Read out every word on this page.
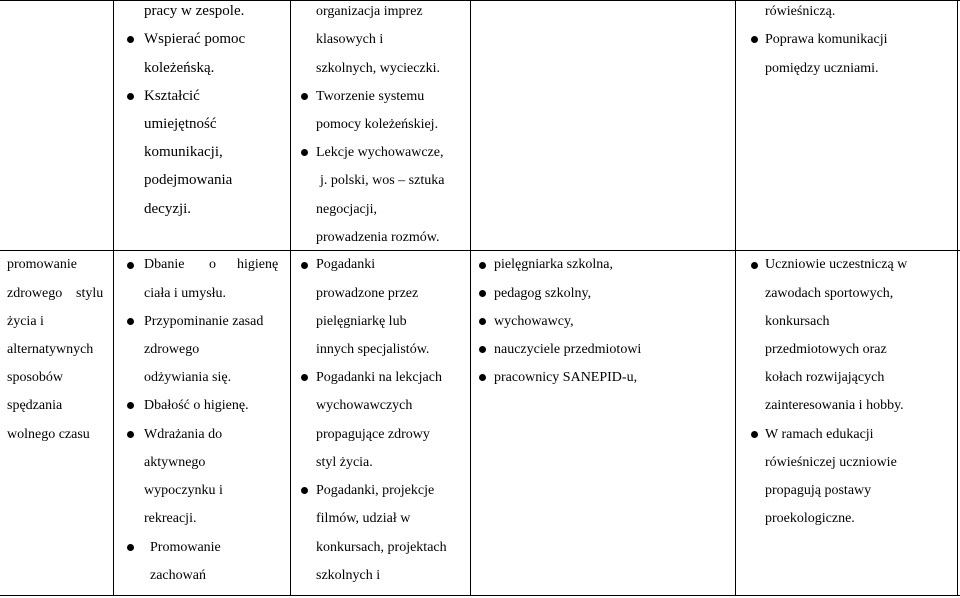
pracy w zespole.
Wspierać pomoc
koleżeńską.
Kształcić
umiejętność
komunikacji,
podejmowania
decyzji.
organizacja imprez
klasowych i
szkolnych, wycieczki.
Tworzenie systemu
pomocy koleżeńskiej.
Lekcje wychowawcze,
j. polski, wos – sztuka
negocjacji,
prowadzenia rozmów.
rówieśniczą.
Poprawa komunikacji
pomiędzy uczniami.
promowanie
zdrowego stylu
życia i
alternatywnych
sposobów
spędzania
wolnego czasu
Dbanie o higienę
ciała i umysłu.
Przypominanie zasad
zdrowego
odżywiania się.
Dbałość o higienę.
Wdrażania do
aktywnego
wypoczynku i
rekreacji.
Promowanie
zachowań
Pogadanki
prowadzone przez
pielęgniarkę lub
innych specjalistów.
Pogadanki na lekcjach
wychowawczych
propagujące zdrowy
styl życia.
Pogadanki, projekcje
filmów, udział w
konkursach, projektach
szkolnych i
pielęgniarka szkolna,
pedagog szkolny,
wychowawcy,
nauczyciele przedmiotowi
pracownicy SANEPID-u,
Uczniowie uczestniczą w
zawodach sportowych,
konkursach
przedmiotowych oraz
kołach rozwijających
zainteresowania i hobby.
W ramach edukacji
rówieśniczej uczniowie
propagują postawy
proekologiczne.
